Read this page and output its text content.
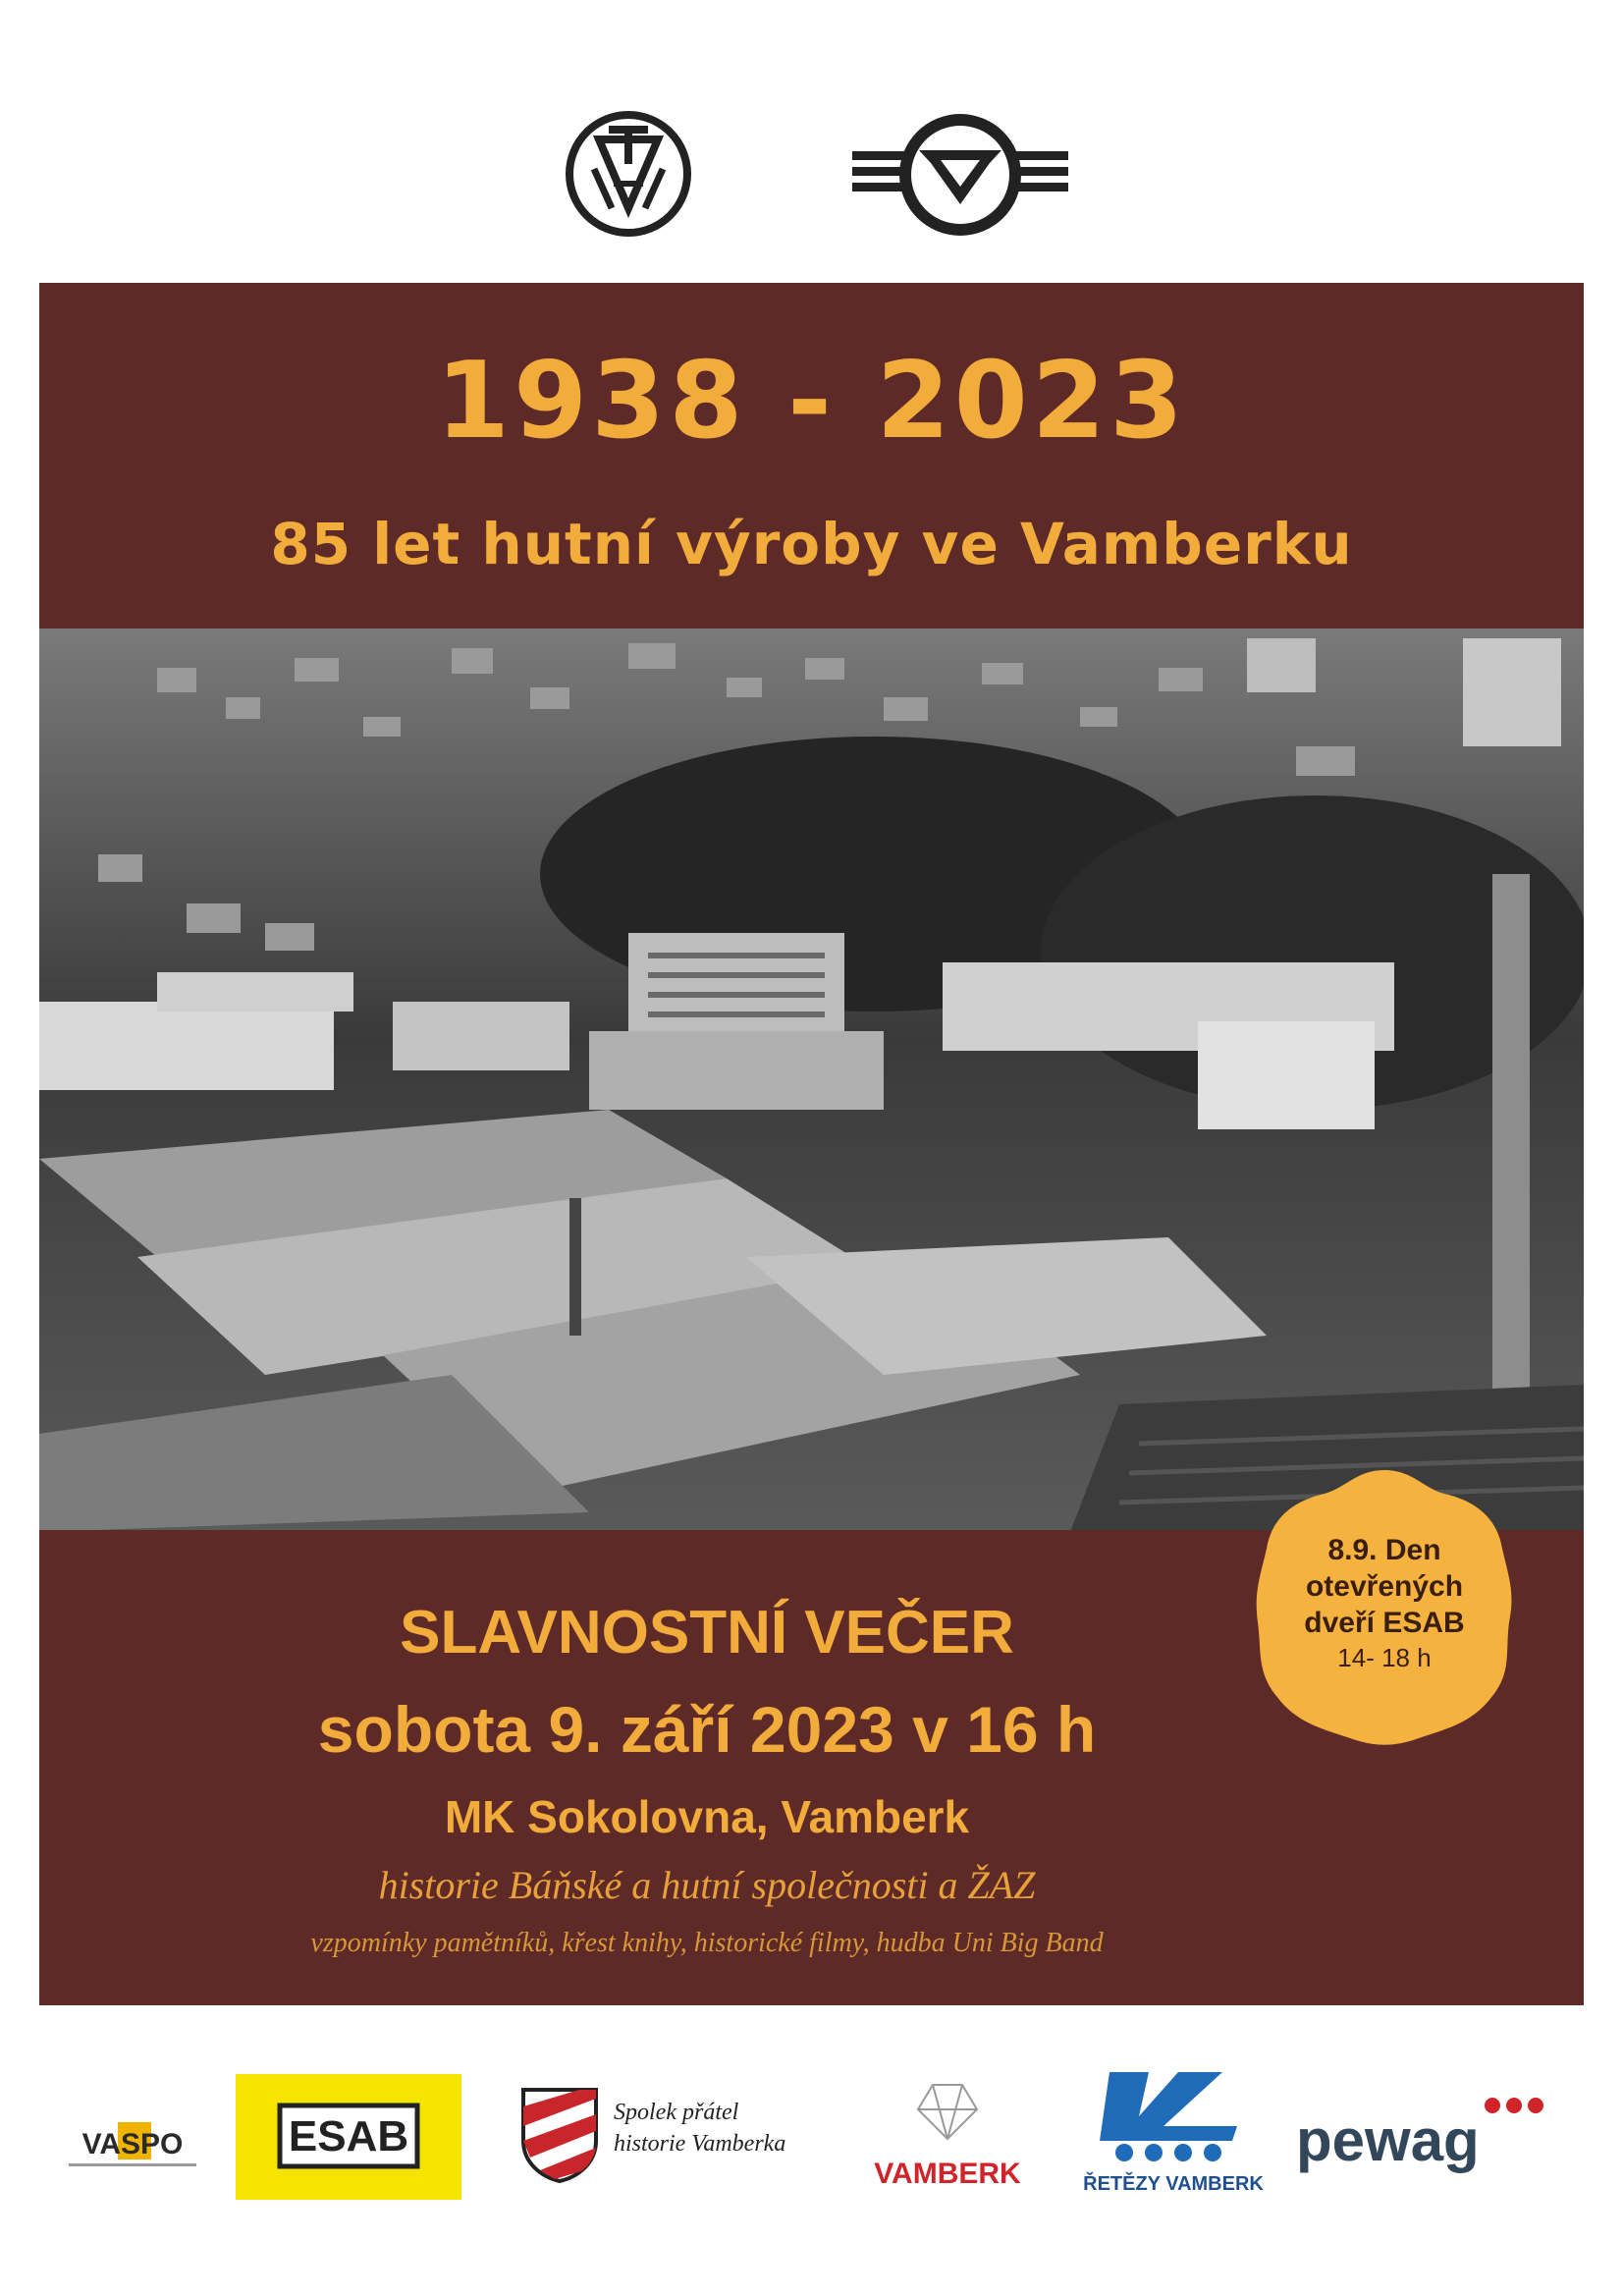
1938 - 2023
85 let hutní výroby ve Vamberku
SLAVNOSTNÍ VEČER
sobota 9. září 2023 v 16 h
MK Sokolovna, Vamberk
historie Báňské a hutní společnosti a ŽAZ
vzpomínky pamětníků, křest knihy, historické filmy, hudba Uni Big Band
8.9. Den
otevřených
dveří ESAB
14- 18 h
VASPO ESAB	Spolek přátel
historie Vamberka
VAMBERK	ŘETĚZY VAMBERK
pewag
